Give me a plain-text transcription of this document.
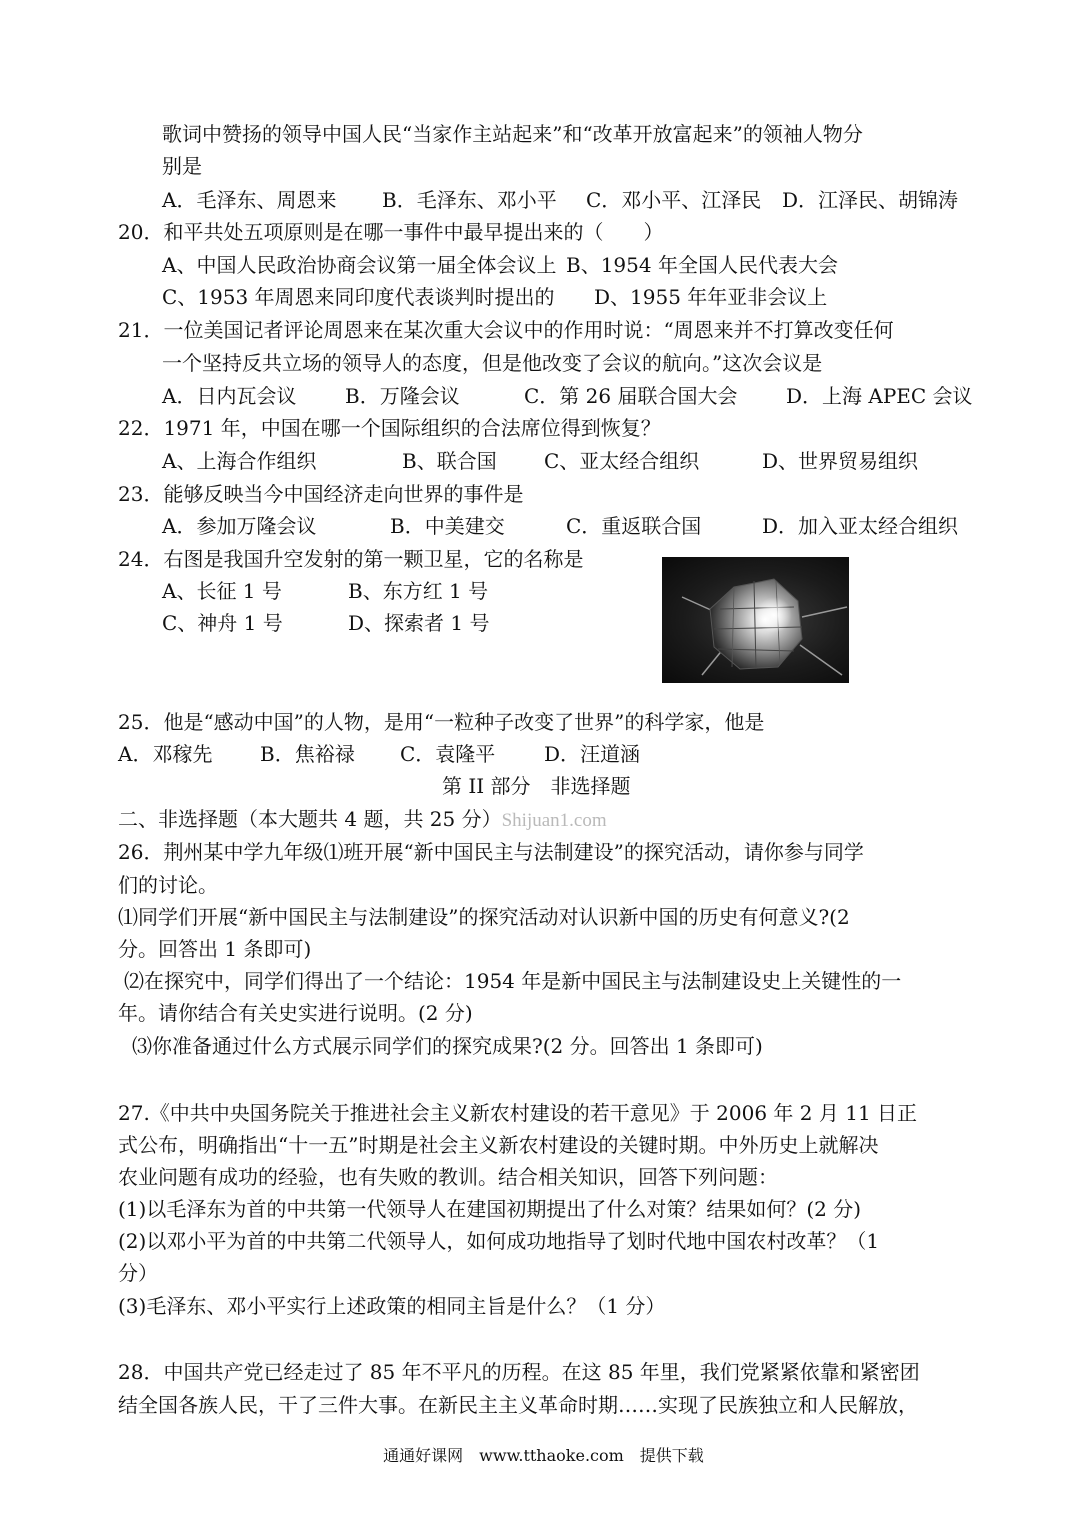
歌词中赞扬的领导中国人民“当家作主站起来”和“改革开放富起来”的领袖人物分
别是
A．毛泽东、周恩来 B．毛泽东、邓小平 C．邓小平、江泽民 D．江泽民、胡锦涛
20．和平共处五项原则是在哪一事件中最早提出来的（　　）
A、中国人民政治协商会议第一届全体会议上 B、1954 年全国人民代表大会
C、1953 年周恩来同印度代表谈判时提出的 D、1955 年年亚非会议上
21．一位美国记者评论周恩来在某次重大会议中的作用时说：“周恩来并不打算改变任何
一个坚持反共立场的领导人的态度，但是他改变了会议的航向。”这次会议是
A．日内瓦会议 B．万隆会议	C．第 26 届联合国大会 D．上海 APEC 会议
22．1971 年，中国在哪一个国际组织的合法席位得到恢复？
A、上海合作组织	B、联合国 C、亚太经合组织	D、世界贸易组织
23．能够反映当今中国经济走向世界的事件是
A．参加万隆会议	B．中美建交	C．重返联合国	D．加入亚太经合组织
24．右图是我国升空发射的第一颗卫星，它的名称是
A、长征 1 号	B、东方红 1 号
C、神舟 1 号	D、探索者 1 号
25．他是“感动中国”的人物，是用“一粒种子改变了世界”的科学家，他是
A．邓稼先 B．焦裕禄 C．袁隆平 D．汪道涵
第 II 部分　非选择题
二、非选择题（本大题共 4 题，共 25 分）Shijuan1.com
26．荆州某中学九年级⑴班开展“新中国民主与法制建设”的探究活动，请你参与同学
们的讨论。
⑴同学们开展“新中国民主与法制建设”的探究活动对认识新中国的历史有何意义?(2
分。回答出 1 条即可)
⑵在探究中，同学们得出了一个结论：1954 年是新中国民主与法制建设史上关键性的一
年。请你结合有关史实进行说明。(2 分)
⑶你准备通过什么方式展示同学们的探究成果?(2 分。回答出 1 条即可)
27.《中共中央国务院关于推进社会主义新农村建设的若干意见》于 2006 年 2 月 11 日正
式公布，明确指出“十一五”时期是社会主义新农村建设的关键时期。中外历史上就解决
农业问题有成功的经验，也有失败的教训。结合相关知识，回答下列问题：
(1)以毛泽东为首的中共第一代领导人在建国初期提出了什么对策？结果如何？(2 分)
(2)以邓小平为首的中共第二代领导人，如何成功地指导了划时代地中国农村改革？（1
分）
(3)毛泽东、邓小平实行上述政策的相同主旨是什么？（1 分）
28．中国共产党已经走过了 85 年不平凡的历程。在这 85 年里，我们党紧紧依靠和紧密团
结全国各族人民，干了三件大事。在新民主主义革命时期……实现了民族独立和人民解放，
通通好课网　www.tthaoke.com　提供下载
